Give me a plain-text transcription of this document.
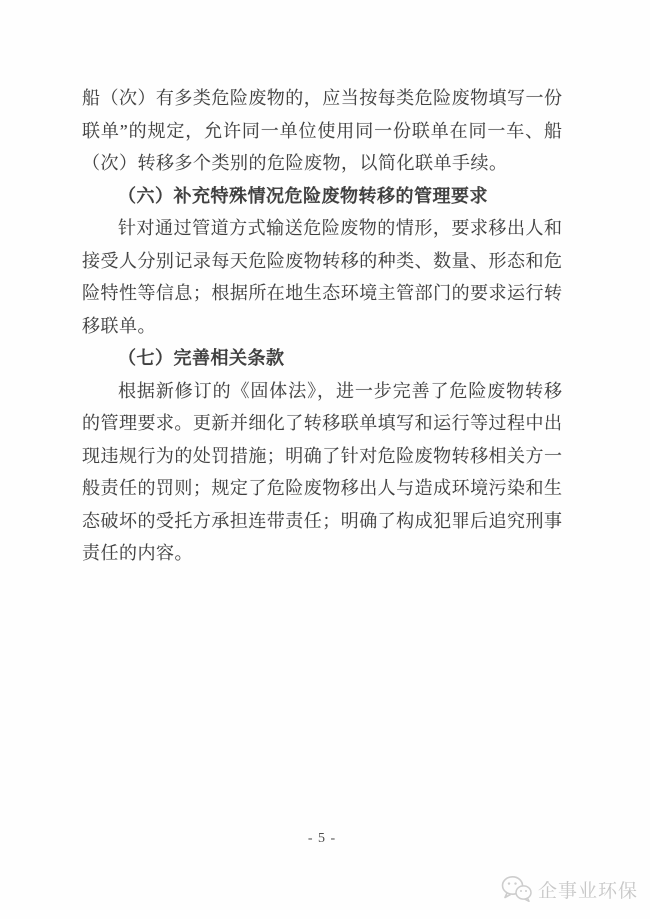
船（次）有多类危险废物的，应当按每类危险废物填写一份
联单”的规定，允许同一单位使用同一份联单在同一车、船
（次）转移多个类别的危险废物，以简化联单手续。
（六）补充特殊情况危险废物转移的管理要求
针对通过管道方式输送危险废物的情形，要求移出人和
接受人分别记录每天危险废物转移的种类、数量、形态和危
险特性等信息；根据所在地生态环境主管部门的要求运行转
移联单。
（七）完善相关条款
根据新修订的《固体法》，进一步完善了危险废物转移
的管理要求。更新并细化了转移联单填写和运行等过程中出
现违规行为的处罚措施；明确了针对危险废物转移相关方一
般责任的罚则；规定了危险废物移出人与造成环境污染和生
态破坏的受托方承担连带责任；明确了构成犯罪后追究刑事
责任的内容。
- 5 -
企事业环保
